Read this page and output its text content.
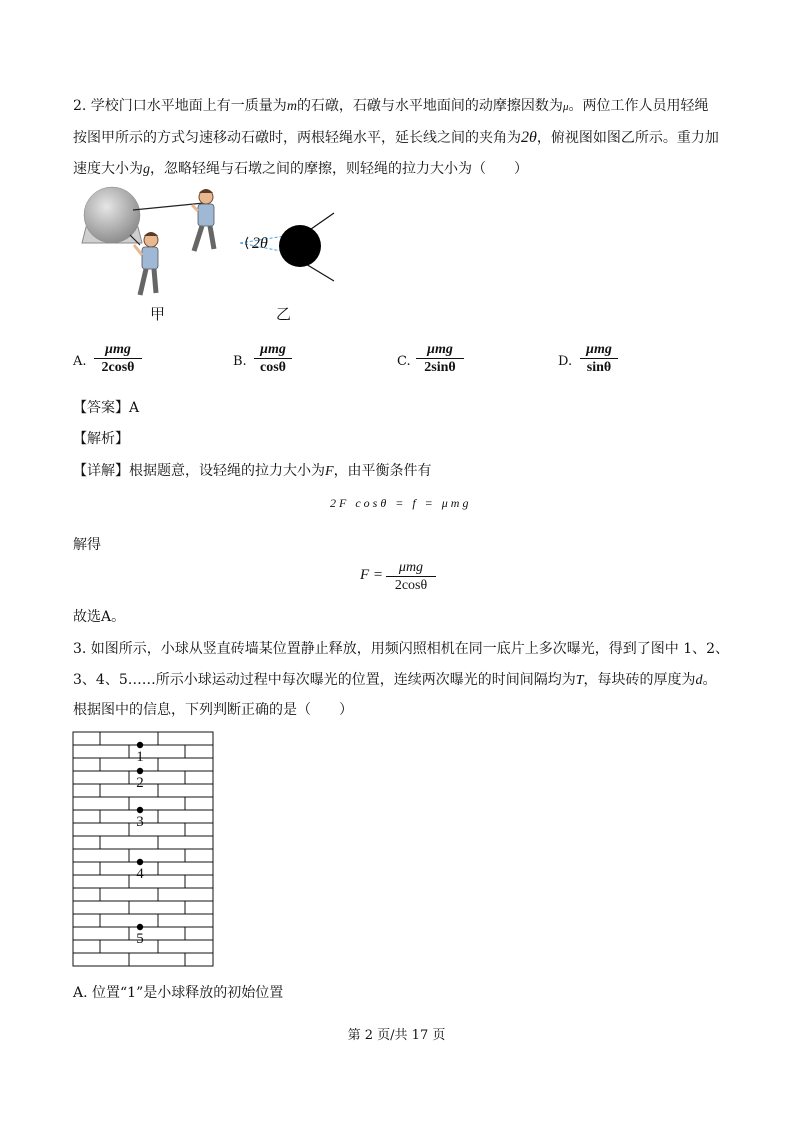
2. 学校门口水平地面上有一质量为m的石礅，石礅与水平地面间的动摩擦因数为μ。两位工作人员用轻绳
按图甲所示的方式匀速移动石礅时，两根轻绳水平，延长线之间的夹角为2θ，俯视图如图乙所示。重力加
速度大小为g，忽略轻绳与石墩之间的摩擦，则轻绳的拉力大小为（　　）
甲
2θ
乙
A.
μmg
2cosθ	B.
μmg
cosθ	C.
μmg
2sinθ	D.
μmg
sinθ
【答案】A
【解析】
【详解】根据题意，设轻绳的拉力大小为F，由平衡条件有
2F cosθ = f = μmg
解得
F =	μmg
2cosθ
故选A。
3. 如图所示，小球从竖直砖墙某位置静止释放，用频闪照相机在同一底片上多次曝光，得到了图中 1、2、
3、4、5……所示小球运动过程中每次曝光的位置，连续两次曝光的时间间隔均为T，每块砖的厚度为d。
根据图中的信息，下列判断正确的是（　　）
1
2
3
4
5
A. 位置“1”是小球释放的初始位置
第 2 页/共 17 页
